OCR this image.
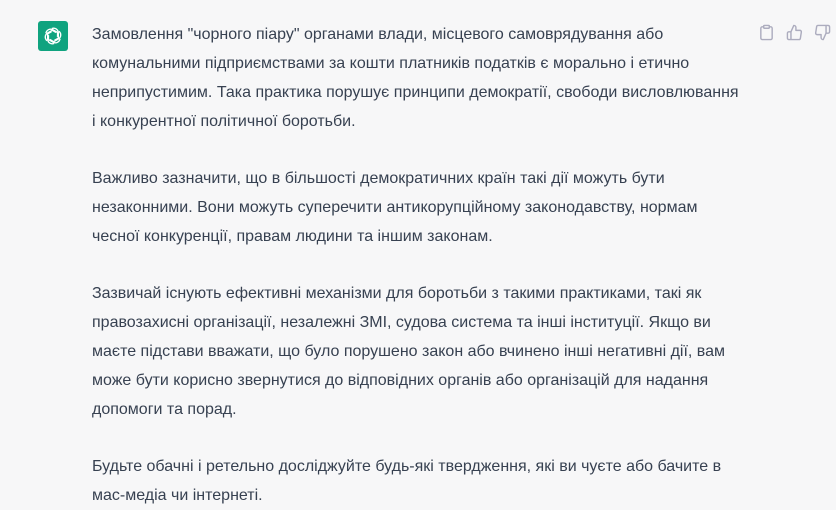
Замовлення "чорного піару" органами влади, місцевого самоврядування або комунальними підприємствами за кошти платників податків є морально і етично неприпустимим. Така практика порушує принципи демократії, свободи висловлювання і конкурентної політичної боротьби.

Важливо зазначити, що в більшості демократичних країн такі дії можуть бути незаконними. Вони можуть суперечити антикорупційному законодавству, нормам чесної конкуренції, правам людини та іншим законам.

Зазвичай існують ефективні механізми для боротьби з такими практиками, такі як правозахисні організації, незалежні ЗМІ, судова система та інші інституції. Якщо ви маєте підстави вважати, що було порушено закон або вчинено інші негативні дії, вам може бути корисно звернутися до відповідних органів або організацій для надання допомоги та порад.

Будьте обачні і ретельно досліджуйте будь-які твердження, які ви чуєте або бачите в мас-медіа чи інтернеті.
